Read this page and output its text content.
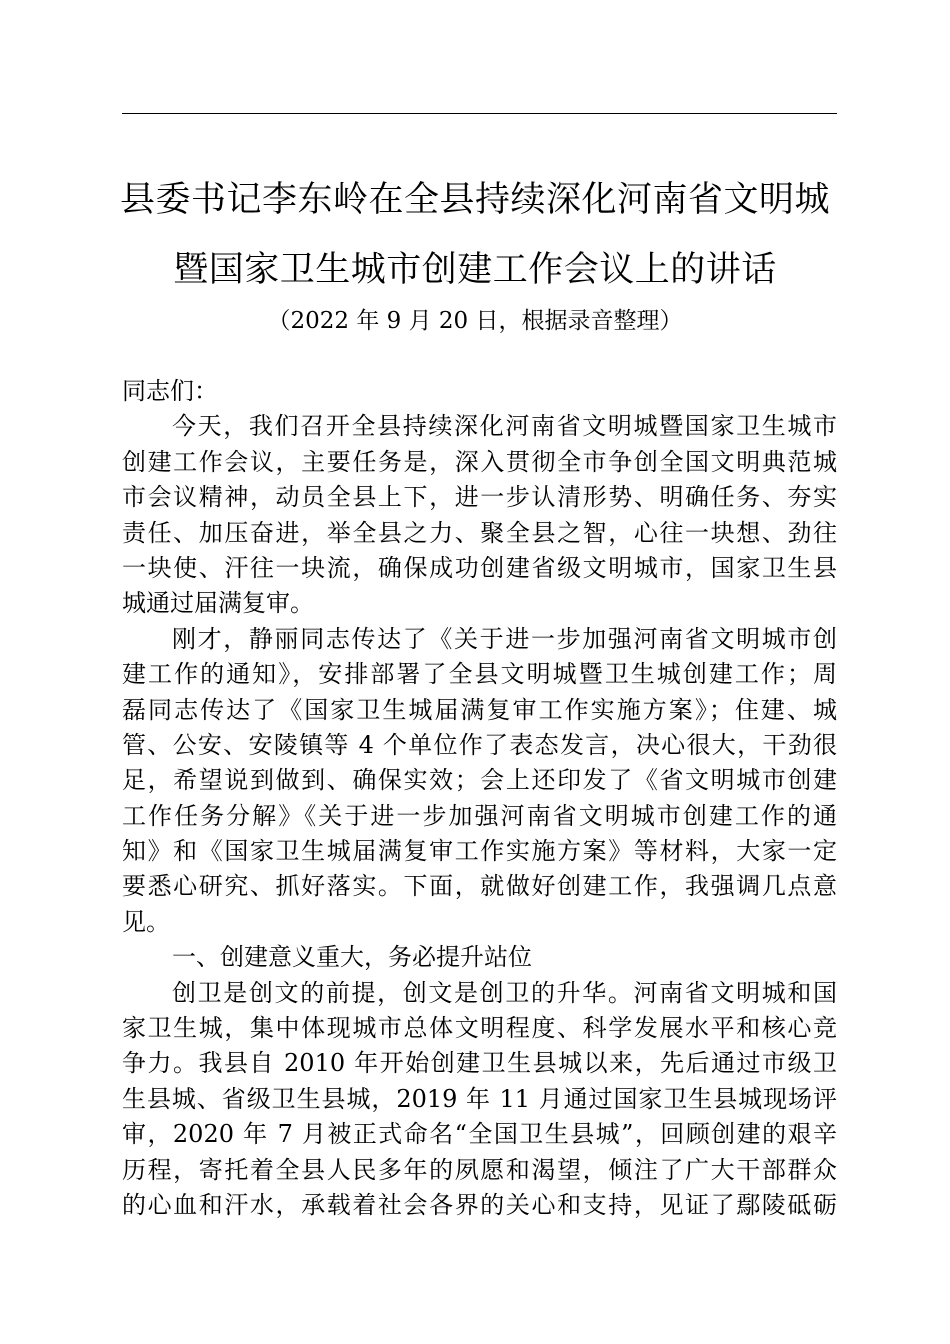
县委书记李东岭在全县持续深化河南省文明城
暨国家卫生城市创建工作会议上的讲话
（2022 年 9 月 20 日，根据录音整理）
同志们：
今天，我们召开全县持续深化河南省文明城暨国家卫生城市
创建工作会议，主要任务是，深入贯彻全市争创全国文明典范城
市会议精神，动员全县上下，进一步认清形势、明确任务、夯实
责任、加压奋进，举全县之力、聚全县之智，心往一块想、劲往
一块使、汗往一块流，确保成功创建省级文明城市，国家卫生县
城通过届满复审。
刚才，静丽同志传达了《关于进一步加强河南省文明城市创
建工作的通知》，安排部署了全县文明城暨卫生城创建工作；周
磊同志传达了《国家卫生城届满复审工作实施方案》；住建、城
管、公安、安陵镇等 4 个单位作了表态发言，决心很大，干劲很
足，希望说到做到、确保实效；会上还印发了《省文明城市创建
工作任务分解》《关于进一步加强河南省文明城市创建工作的通
知》和《国家卫生城届满复审工作实施方案》等材料，大家一定
要悉心研究、抓好落实。下面，就做好创建工作，我强调几点意
见。
一、创建意义重大，务必提升站位
创卫是创文的前提，创文是创卫的升华。河南省文明城和国
家卫生城，集中体现城市总体文明程度、科学发展水平和核心竞
争力。我县自 2010 年开始创建卫生县城以来，先后通过市级卫
生县城、省级卫生县城，2019 年 11 月通过国家卫生县城现场评
审，2020 年 7 月被正式命名“全国卫生县城”，回顾创建的艰辛
历程，寄托着全县人民多年的夙愿和渴望，倾注了广大干部群众
的心血和汗水，承载着社会各界的关心和支持，见证了鄢陵砥砺
